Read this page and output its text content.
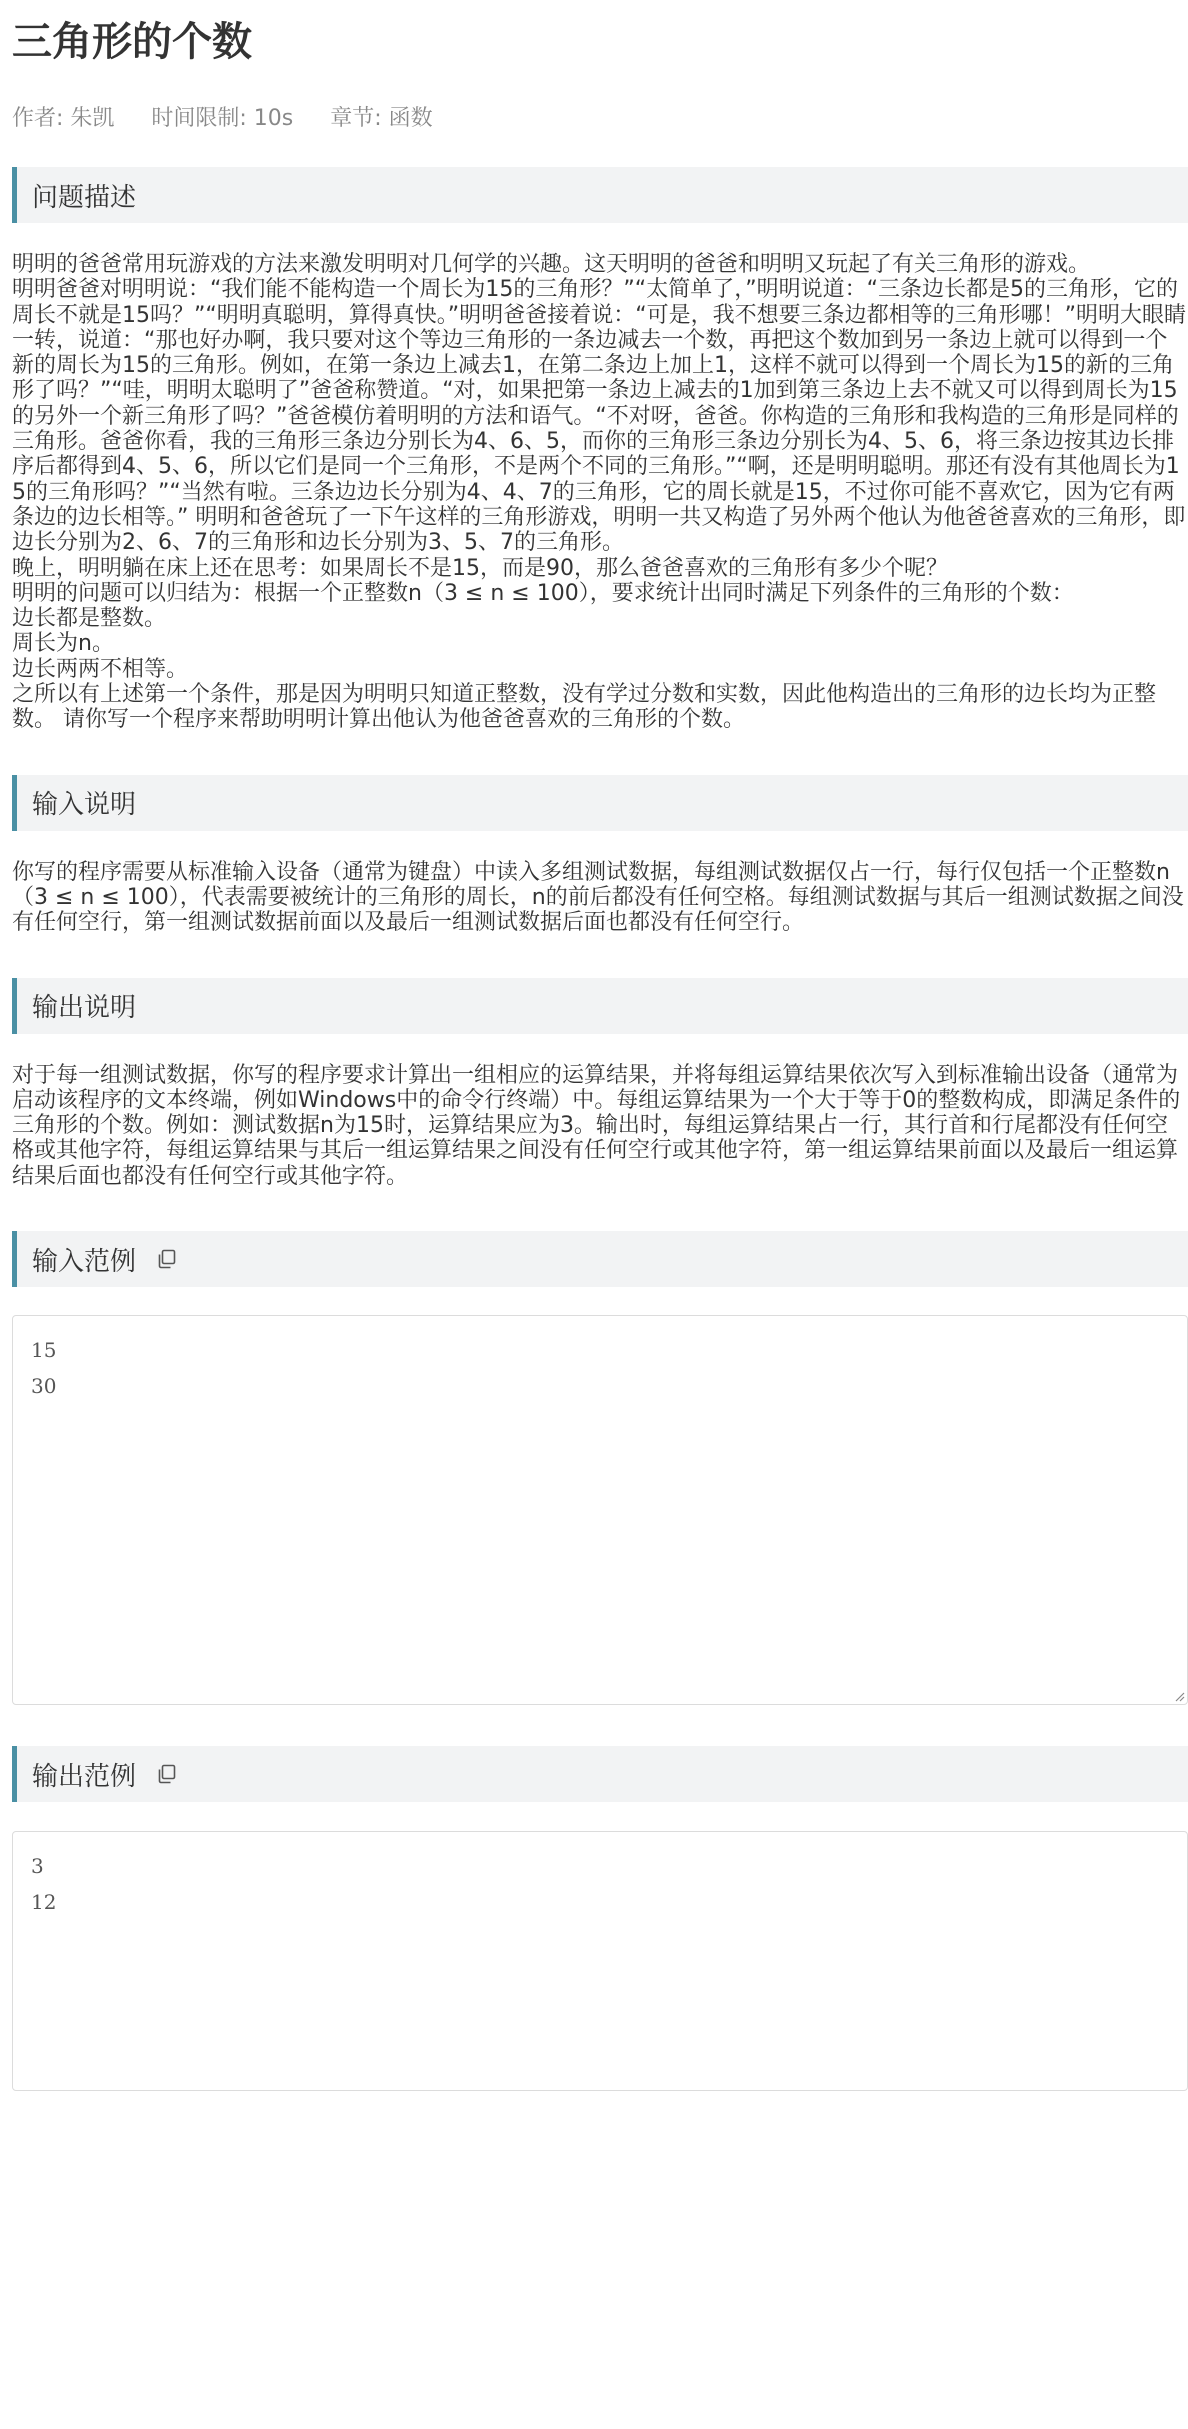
三角形的个数
作者: 朱凯 时间限制: 10s 章节: 函数
问题描述

明明的爸爸常用玩游戏的方法来激发明明对几何学的兴趣。这天明明的爸爸和明明又玩起了有关三角形的游戏。

明明爸爸对明明说：“我们能不能构造一个周长为15的三角形？”“太简单了，”明明说道：“三条边长都是5的三角形，它的周长不就是15吗？”“明明真聪明，算得真快。”明明爸爸接着说：“可是，我不想要三条边都相等的三角形哪！”明明大眼睛一转，说道：“那也好办啊，我只要对这个等边三角形的一条边减去一个数，再把这个数加到另一条边上就可以得到一个新的周长为15的三角形。例如，在第一条边上减去1，在第二条边上加上1，这样不就可以得到一个周长为15的新的三角形了吗？”“哇，明明太聪明了”爸爸称赞道。“对，如果把第一条边上减去的1加到第三条边上去不就又可以得到周长为15的另外一个新三角形了吗？”爸爸模仿着明明的方法和语气。“不对呀，爸爸。你构造的三角形和我构造的三角形是同样的三角形。爸爸你看，我的三角形三条边分别长为4、6、5，而你的三角形三条边分别长为4、5、6，将三条边按其边长排序后都得到4、5、6，所以它们是同一个三角形，不是两个不同的三角形。”“啊，还是明明聪明。那还有没有其他周长为15的三角形吗？”“当然有啦。三条边边长分别为4、4、7的三角形，它的周长就是15，不过你可能不喜欢它，因为它有两条边的边长相等。” 明明和爸爸玩了一下午这样的三角形游戏，明明一共又构造了另外两个他认为他爸爸喜欢的三角形，即边长分别为2、6、7的三角形和边长分别为3、5、7的三角形。

晚上，明明躺在床上还在思考：如果周长不是15，而是90，那么爸爸喜欢的三角形有多少个呢？

明明的问题可以归结为：根据一个正整数n（3 ≤ n ≤ 100），要求统计出同时满足下列条件的三角形的个数：

边长都是整数。

周长为n。

边长两两不相等。

之所以有上述第一个条件，那是因为明明只知道正整数，没有学过分数和实数，因此他构造出的三角形的边长均为正整数。 请你写一个程序来帮助明明计算出他认为他爸爸喜欢的三角形的个数。

输入说明

你写的程序需要从标准输入设备（通常为键盘）中读入多组测试数据，每组测试数据仅占一行，每行仅包括一个正整数n（3 ≤ n ≤ 100），代表需要被统计的三角形的周长，n的前后都没有任何空格。每组测试数据与其后一组测试数据之间没有任何空行，第一组测试数据前面以及最后一组测试数据后面也都没有任何空行。

输出说明

对于每一组测试数据，你写的程序要求计算出一组相应的运算结果，并将每组运算结果依次写入到标准输出设备（通常为启动该程序的文本终端，例如Windows中的命令行终端）中。每组运算结果为一个大于等于0的整数构成，即满足条件的三角形的个数。例如：测试数据n为15时，运算结果应为3。输出时，每组运算结果占一行，其行首和行尾都没有任何空格或其他字符，每组运算结果与其后一组运算结果之间没有任何空行或其他字符，第一组运算结果前面以及最后一组运算结果后面也都没有任何空行或其他字符。

输入范例
15
30
输出范例
3
12
